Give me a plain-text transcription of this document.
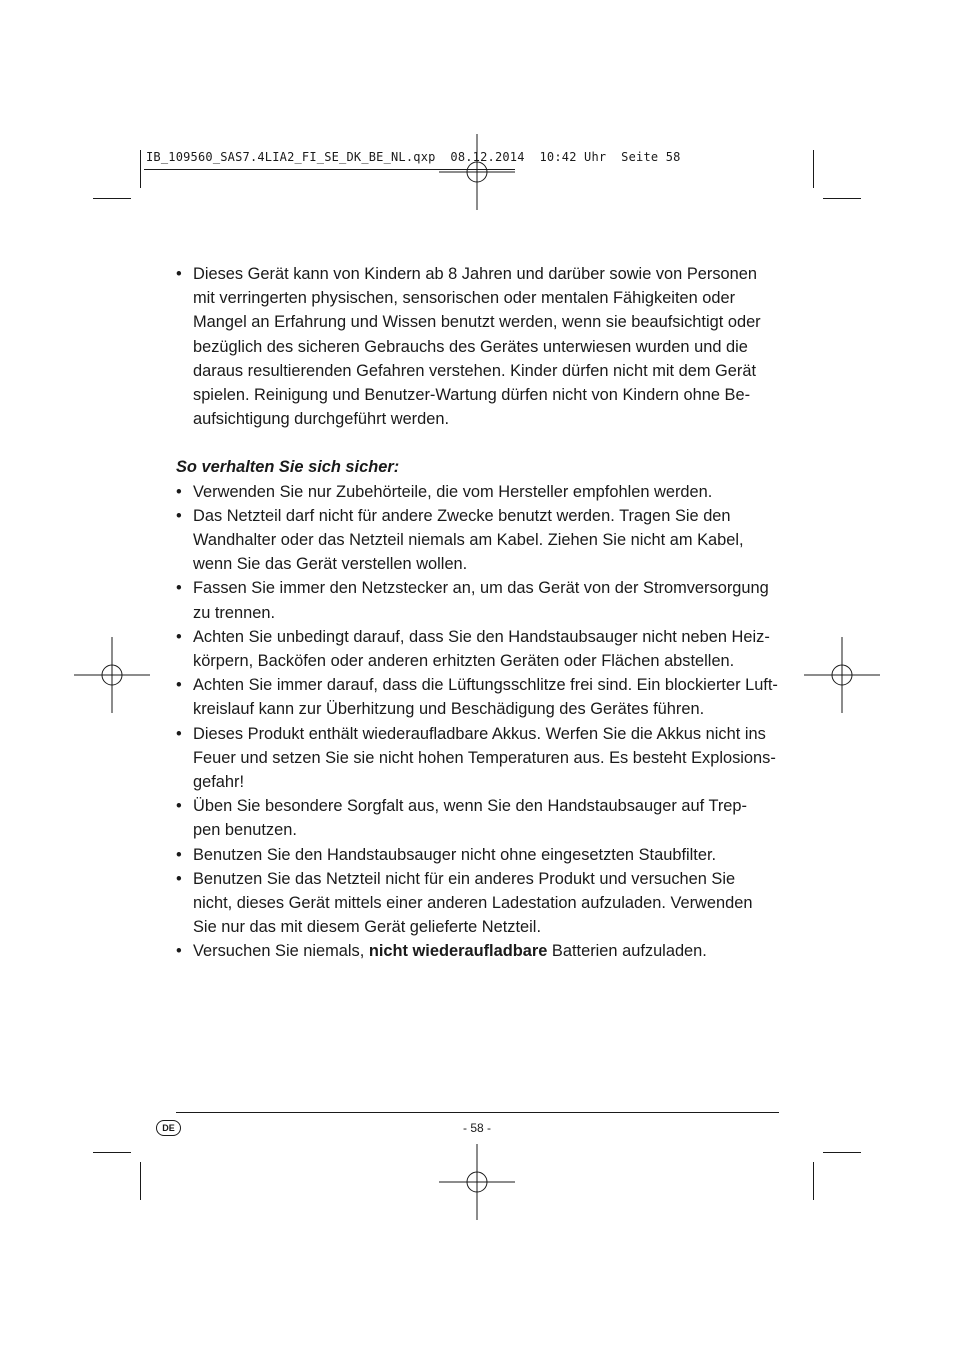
IB_109560_SAS7.4LIA2_FI_SE_DK_BE_NL.qxp  08.12.2014  10:42 Uhr  Seite 58
• Dieses Gerät kann von Kindern ab 8 Jahren und darüber sowie von Personen
mit verringerten physischen, sensorischen oder mentalen Fähigkeiten oder
Mangel an Erfahrung und Wissen benutzt werden, wenn sie beaufsichtigt oder
bezüglich des sicheren Gebrauchs des Gerätes unterwiesen wurden und die
daraus resultierenden Gefahren verstehen. Kinder dürfen nicht mit dem Gerät
spielen. Reinigung und Benutzer-Wartung dürfen nicht von Kindern ohne Be-
aufsichtigung durchgeführt werden.
So verhalten Sie sich sicher:
• Verwenden Sie nur Zubehörteile, die vom Hersteller empfohlen werden.
• Das Netzteil darf nicht für andere Zwecke benutzt werden. Tragen Sie den
Wandhalter oder das Netzteil niemals am Kabel. Ziehen Sie nicht am Kabel,
wenn Sie das Gerät verstellen wollen.
• Fassen Sie immer den Netzstecker an, um das Gerät von der Stromversorgung
zu trennen.
• Achten Sie unbedingt darauf, dass Sie den Handstaubsauger nicht neben Heiz-
körpern, Backöfen oder anderen erhitzten Geräten oder Flächen abstellen.
• Achten Sie immer darauf, dass die Lüftungsschlitze frei sind. Ein blockierter Luft-
kreislauf kann zur Überhitzung und Beschädigung des Gerätes führen.
• Dieses Produkt enthält wiederaufladbare Akkus. Werfen Sie die Akkus nicht ins
Feuer und setzen Sie sie nicht hohen Temperaturen aus. Es besteht Explosions-
gefahr!
• Üben Sie besondere Sorgfalt aus, wenn Sie den Handstaubsauger auf Trep-
pen benutzen.
• Benutzen Sie den Handstaubsauger nicht ohne eingesetzten Staubfilter.
• Benutzen Sie das Netzteil nicht für ein anderes Produkt und versuchen Sie
nicht, dieses Gerät mittels einer anderen Ladestation aufzuladen. Verwenden
Sie nur das mit diesem Gerät gelieferte Netzteil.
• Versuchen Sie niemals, nicht wiederaufladbare Batterien aufzuladen.
DE	- 58 -
